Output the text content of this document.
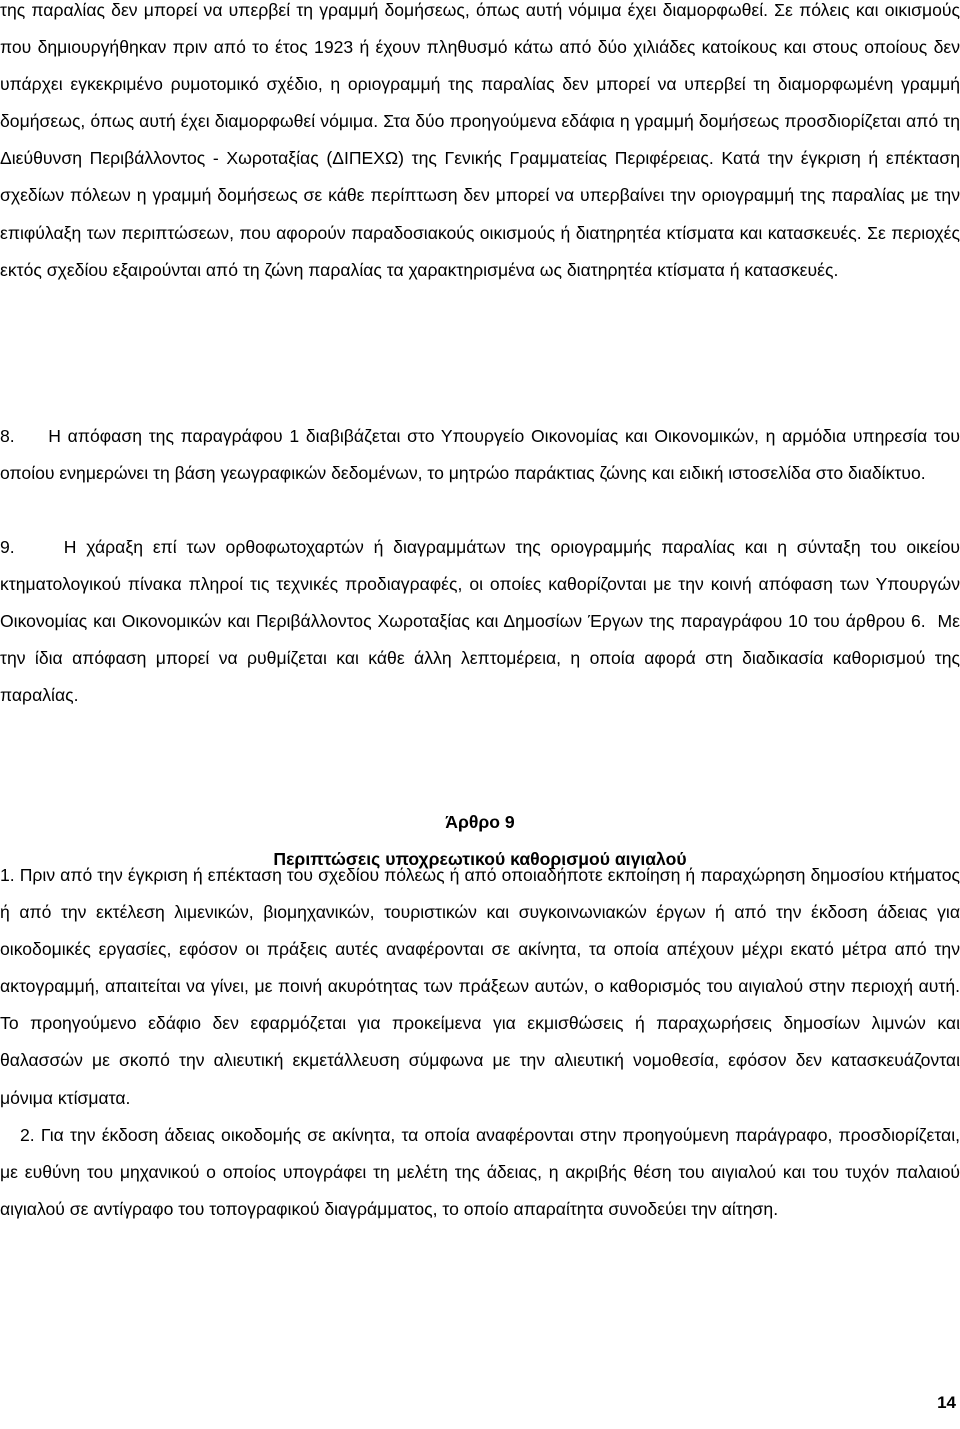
της παραλίας δεν μπορεί να υπερβεί τη γραμμή δομήσεως, όπως αυτή νόμιμα έχει διαμορφωθεί. Σε πόλεις και οικισμούς που δημιουργήθηκαν πριν από το έτος 1923 ή έχουν πληθυσμό κάτω από δύο χιλιάδες κατοίκους και στους οποίους δεν υπάρχει εγκεκριμένο ρυμοτομικό σχέδιο, η οριογραμμή της παραλίας δεν μπορεί να υπερβεί τη διαμορφωμένη γραμμή δομήσεως, όπως αυτή έχει διαμορφωθεί νόμιμα. Στα δύο προηγούμενα εδάφια η γραμμή δομήσεως προσδιορίζεται από τη Διεύθυνση Περιβάλλοντος - Χωροταξίας (ΔΙΠΕΧΩ) της Γενικής Γραμματείας Περιφέρειας. Κατά την έγκριση ή επέκταση σχεδίων πόλεων η γραμμή δομήσεως σε κάθε περίπτωση δεν μπορεί να υπερβαίνει την οριογραμμή της παραλίας με την επιφύλαξη των περιπτώσεων, που αφορούν παραδοσιακούς οικισμούς ή διατηρητέα κτίσματα και κατασκευές. Σε περιοχές εκτός σχεδίου εξαιρούνται από τη ζώνη παραλίας τα χαρακτηρισμένα ως διατηρητέα κτίσματα ή κατασκευές.

8.     Η απόφαση της παραγράφου 1 διαβιβάζεται στο Υπουργείο Οικονομίας και Οικονομικών, η αρμόδια υπηρεσία του οποίου ενημερώνει τη βάση γεωγραφικών δεδομένων, το μητρώο παράκτιας ζώνης και ειδική ιστοσελίδα στο διαδίκτυο.

9.     Η χάραξη επί των ορθοφωτοχαρτών ή διαγραμμάτων της οριογραμμής παραλίας και η σύνταξη του οικείου κτηματολογικού πίνακα πληροί τις τεχνικές προδιαγραφές, οι οποίες καθορίζονται με την κοινή απόφαση των Υπουργών Οικονομίας και Οικονομικών και Περιβάλλοντος Χωροταξίας και Δημοσίων Έργων της παραγράφου 10 του άρθρου 6.  Με την ίδια απόφαση μπορεί να ρυθμίζεται και κάθε άλλη λεπτομέρεια, η οποία αφορά στη διαδικασία καθορισμού της παραλίας.

Άρθρο 9
Περιπτώσεις υποχρεωτικού καθορισμού αιγιαλού

1. Πριν από την έγκριση ή επέκταση του σχεδίου πόλεως ή από οποιαδήποτε εκποίηση ή παραχώρηση δημοσίου κτήματος ή από την εκτέλεση λιμενικών, βιομηχανικών, τουριστικών και συγκοινωνιακών έργων ή από την έκδοση άδειας για οικοδομικές εργασίες, εφόσον οι πράξεις αυτές αναφέρονται σε ακίνητα, τα οποία απέχουν μέχρι εκατό μέτρα από την ακτογραμμή, απαιτείται να γίνει, με ποινή ακυρότητας των πράξεων αυτών, ο καθορισμός του αιγιαλού στην περιοχή αυτή. Το προηγούμενο εδάφιο δεν εφαρμόζεται για προκείμενα για εκμισθώσεις ή παραχωρήσεις δημοσίων λιμνών και θαλασσών με σκοπό την αλιευτική εκμετάλλευση σύμφωνα με την αλιευτική νομοθεσία, εφόσον δεν κατασκευάζονται μόνιμα κτίσματα.

2. Για την έκδοση άδειας οικοδομής σε ακίνητα, τα οποία αναφέρονται στην προηγούμενη παράγραφο, προσδιορίζεται, με ευθύνη του μηχανικού ο οποίος υπογράφει τη μελέτη της άδειας, η ακριβής θέση του αιγιαλού και του τυχόν παλαιού αιγιαλού σε αντίγραφο του τοπογραφικού διαγράμματος, το οποίο απαραίτητα συνοδεύει την αίτηση.

14
